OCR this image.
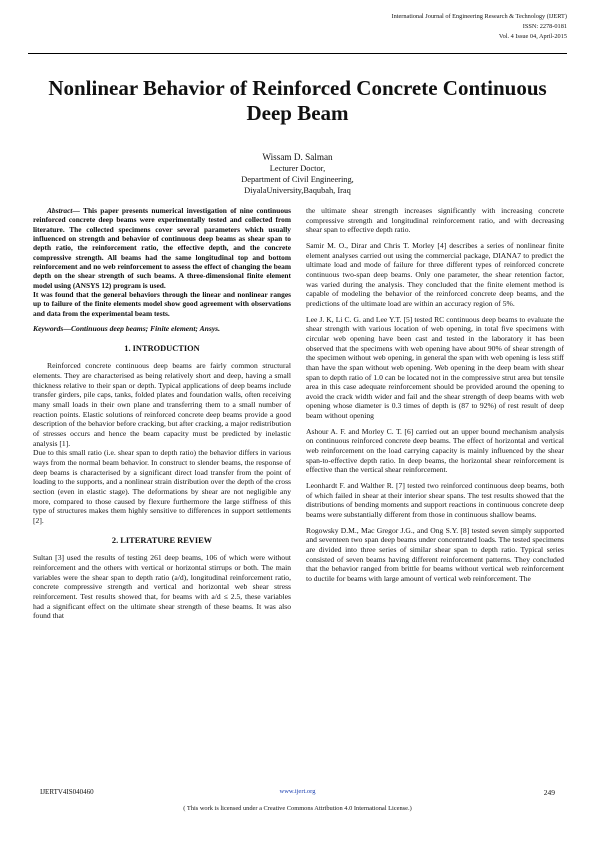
International Journal of Engineering Research & Technology (IJERT)
ISSN: 2278-0181
Vol. 4 Issue 04, April-2015
Nonlinear Behavior of Reinforced Concrete Continuous Deep Beam
Wissam D. Salman
Lecturer Doctor,
Department of Civil Engineering,
DiyalaUniversity,Baqubah, Iraq

Abstract— This paper presents numerical investigation of nine continuous reinforced concrete deep beams were experimentally tested and collected from literature. The collected specimens cover several parameters which usually influenced on strength and behavior of continuous deep beams as shear span to depth ratio, the reinforcement ratio, the effective depth, and the concrete compressive strength. All beams had the same longitudinal top and bottom reinforcement and no web reinforcement to assess the effect of changing the beam depth on the shear strength of such beams. A three-dimensional finite element model using (ANSYS 12) program is used.

It was found that the general behaviors through the linear and nonlinear ranges up to failure of the finite elements model show good agreement with observations and data from the experimental beam tests.

Keywords—Continuous deep beams; Finite element; Ansys.

1. INTRODUCTION

Reinforced concrete continuous deep beams are fairly common structural elements. They are characterised as being relatively short and deep, having a small thickness relative to their span or depth. Typical applications of deep beams include transfer girders, pile caps, tanks, folded plates and foundation walls, often receiving many small loads in their own plane and transferring them to a small number of reaction points. Elastic solutions of reinforced concrete deep beams provide a good description of the behavior before cracking, but after cracking, a major redistribution of stresses occurs and hence the beam capacity must be predicted by inelastic analysis [1].

Due to this small ratio (i.e. shear span to depth ratio) the behavior differs in various ways from the normal beam behavior. In construct to slender beams, the response of deep beams is characterised by a significant direct load transfer from the point of loading to the supports, and a nonlinear strain distribution over the depth of the cross section (even in elastic stage). The deformations by shear are not negligible any more, compared to those caused by flexure furthermore the large stiffness of this type of structures makes them highly sensitive to differences in support settlements [2].

2. LITERATURE REVIEW

Sultan [3] used the results of testing 261 deep beams, 106 of which were without reinforcement and the others with vertical or horizontal stirrups or both. The main variables were the shear span to depth ratio (a/d), longitudinal reinforcement ratio, concrete compressive strength and vertical and horizontal web shear stress reinforcement. Test results showed that, for beams with a/d ≤ 2.5, these variables had a significant effect on the ultimate shear strength of these beams. It was also found that

the ultimate shear strength increases significantly with increasing concrete compressive strength and longitudinal reinforcement ratio, and with decreasing shear span to effective depth ratio.

Samir M. O., Dirar and Chris T. Morley [4] describes a series of nonlinear finite element analyses carried out using the commercial package, DIANA7 to predict the ultimate load and mode of failure for three different types of reinforced concrete continuous two-span deep beams. Only one parameter, the shear retention factor, was varied during the analysis. They concluded that the finite element method is capable of modeling the behavior of the reinforced concrete deep beams, and the predictions of the ultimate load are within an accuracy region of 5%.

Lee J. K, Li C. G. and Lee Y.T. [5] tested RC continuous deep beams to evaluate the shear strength with various location of web opening, in total five specimens with circular web opening have been cast and tested in the laboratory it has been observed that the specimens with web opening have about 90% of shear strength of the specimen without web opening, in general the span with web opening is less stiff than have the span without web opening. Web opening in the deep beam with shear span to depth ratio of 1.0 can be located not in the compressive strut area but tensile area in this case adequate reinforcement should be provided around the opening to avoid the crack width wider and fail and the shear strength of deep beams with web opening whose diameter is 0.3 times of depth is (87 to 92%) of rest result of deep beam without opening

Ashour A. F. and Morley C. T. [6] carried out an upper bound mechanism analysis on continuous reinforced concrete deep beams. The effect of horizontal and vertical web reinforcement on the load carrying capacity is mainly influenced by the shear span-to-effective depth ratio. In deep beams, the horizontal shear reinforcement is effective than the vertical shear reinforcement.

Leonhardt F. and Walther R. [7] tested two reinforced continuous deep beams, both of which failed in shear at their interior shear spans. The test results showed that the distributions of bending moments and support reactions in continuous concrete deep beams were substantially different from those in continuous shallow beams.

Rogowsky D.M., Mac Gregor J.G., and Ong S.Y. [8] tested seven simply supported and seventeen two span deep beams under concentrated loads. The tested specimens are divided into three series of similar shear span to depth ratio. Typical series consisted of seven beams having different reinforcement patterns. They concluded that the behavior ranged from brittle for beams without vertical web reinforcement to ductile for beams with large amount of vertical web reinforcement. The

IJERTV4IS040460	www.ijert.org	249
( This work is licensed under a Creative Commons Attribution 4.0 International License.)
